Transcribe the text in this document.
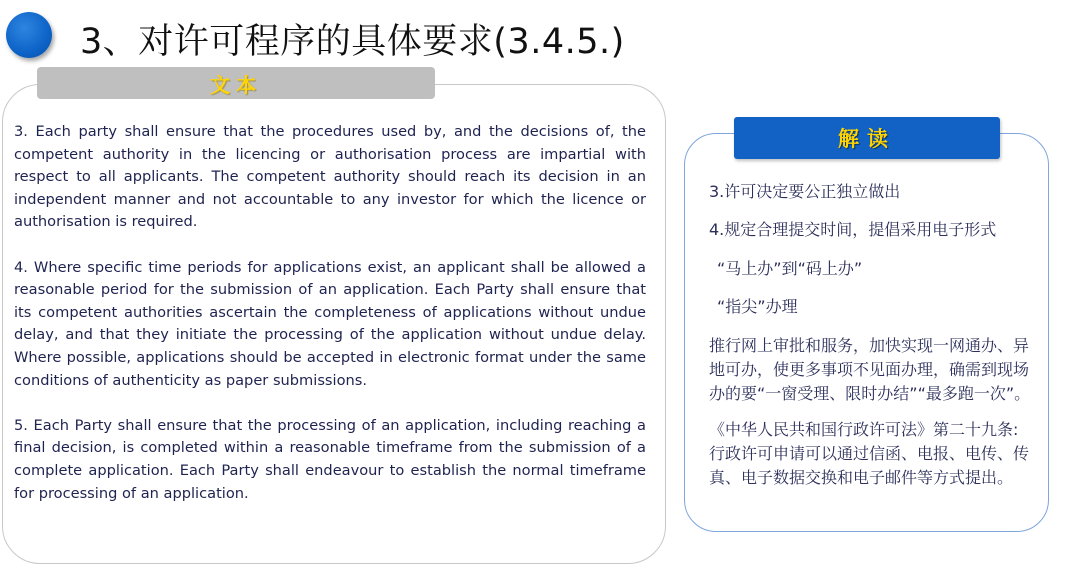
3、对许可程序的具体要求(3.4.5.)
文本

3. Each party shall ensure that the procedures used by, and the decisions of, the competent authority in the licencing or authorisation process are impartial with respect to all applicants. The competent authority should reach its decision in an independent manner and not accountable to any investor for which the licence or authorisation is required.

4. Where specific time periods for applications exist, an applicant shall be allowed a reasonable period for the submission of an application. Each Party shall ensure that its competent authorities ascertain the completeness of applications without undue delay, and that they initiate the processing of the application without undue delay. Where possible, applications should be accepted in electronic format under the same conditions of authenticity as paper submissions.

5. Each Party shall ensure that the processing of an application, including reaching a final decision, is completed within a reasonable timeframe from the submission of a complete application. Each Party shall endeavour to establish the normal timeframe for processing of an application.

解读

3.许可决定要公正独立做出

4.规定合理提交时间，提倡采用电子形式

“马上办”到“码上办”

“指尖”办理

推行网上审批和服务，加快实现一网通办、异地可办，使更多事项不见面办理，确需到现场办的要“一窗受理、限时办结”“最多跑一次”。

《中华人民共和国行政许可法》第二十九条: 行政许可申请可以通过信函、电报、电传、传真、电子数据交换和电子邮件等方式提出。
